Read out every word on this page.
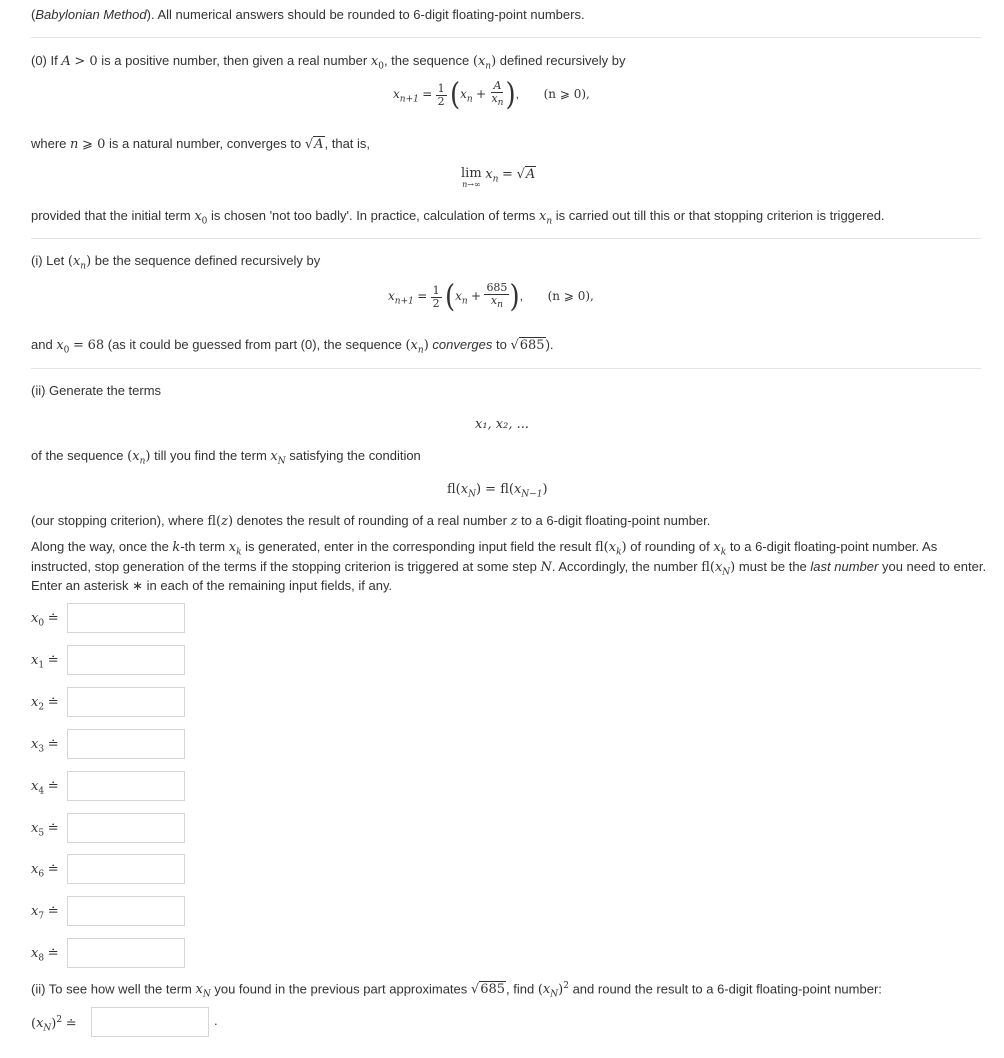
(Babylonian Method). All numerical answers should be rounded to 6-digit floating-point numbers.
(0) If A > 0 is a positive number, then given a real number $x_0$, the sequence $(x_n)$ defined recursively by
$x_{n+1} = \frac{1}{2} (x_n + \frac{A}{x_n}$ ),  (n ⩾ 0),
where n ⩾ 0 is a natural number, converges to √A, that is,
lim
n→∞
$x_n = √A$
provided that the initial term $x_0$ is chosen 'not too badly'. In practice, calculation of terms $x_n$ is carried out till this or that stopping criterion is triggered.
(i) Let $(x_n)$ be the sequence defined recursively by
$x_{n+1} = \frac{1}{2} (x_n + \frac{685}{x_n}$ ),  (n ⩾ 0),
and $x_0 = 68$ (as it could be guessed from part (0), the sequence $(x_n)$ converges to √685).
(ii) Generate the terms
x₁, x₂, ...
of the sequence $(x_n)$ till you find the term $x_N$ satisfying the condition
$fl(x_N) = fl(x_{N-1})$
(our stopping criterion), where fl(z) denotes the result of rounding of a real number z to a 6-digit floating-point number.
Along the way, once the k-th term $x_k$ is generated, enter in the corresponding input field the result $fl(x_k)$ of rounding of $x_k$ to a 6-digit floating-point number. As
instructed, stop generation of the terms if the stopping criterion is triggered at some step N. Accordingly, the number $fl(x_N)$ must be the last number you need to enter.
Enter an asterisk ∗ in each of the remaining input fields, if any.
$x_0$ ≐
$x_1$ ≐
$x_2$ ≐
$x_3$ ≐
$x_4$ ≐
$x_5$ ≐
$x_6$ ≐
$x_7$ ≐
$x_8$ ≐
(ii) To see how well the term $x_N$ you found in the previous part approximates √685, find $(x_N)^2$ and round the result to a 6-digit floating-point number:
$(x_N)^2$ ≐	.
